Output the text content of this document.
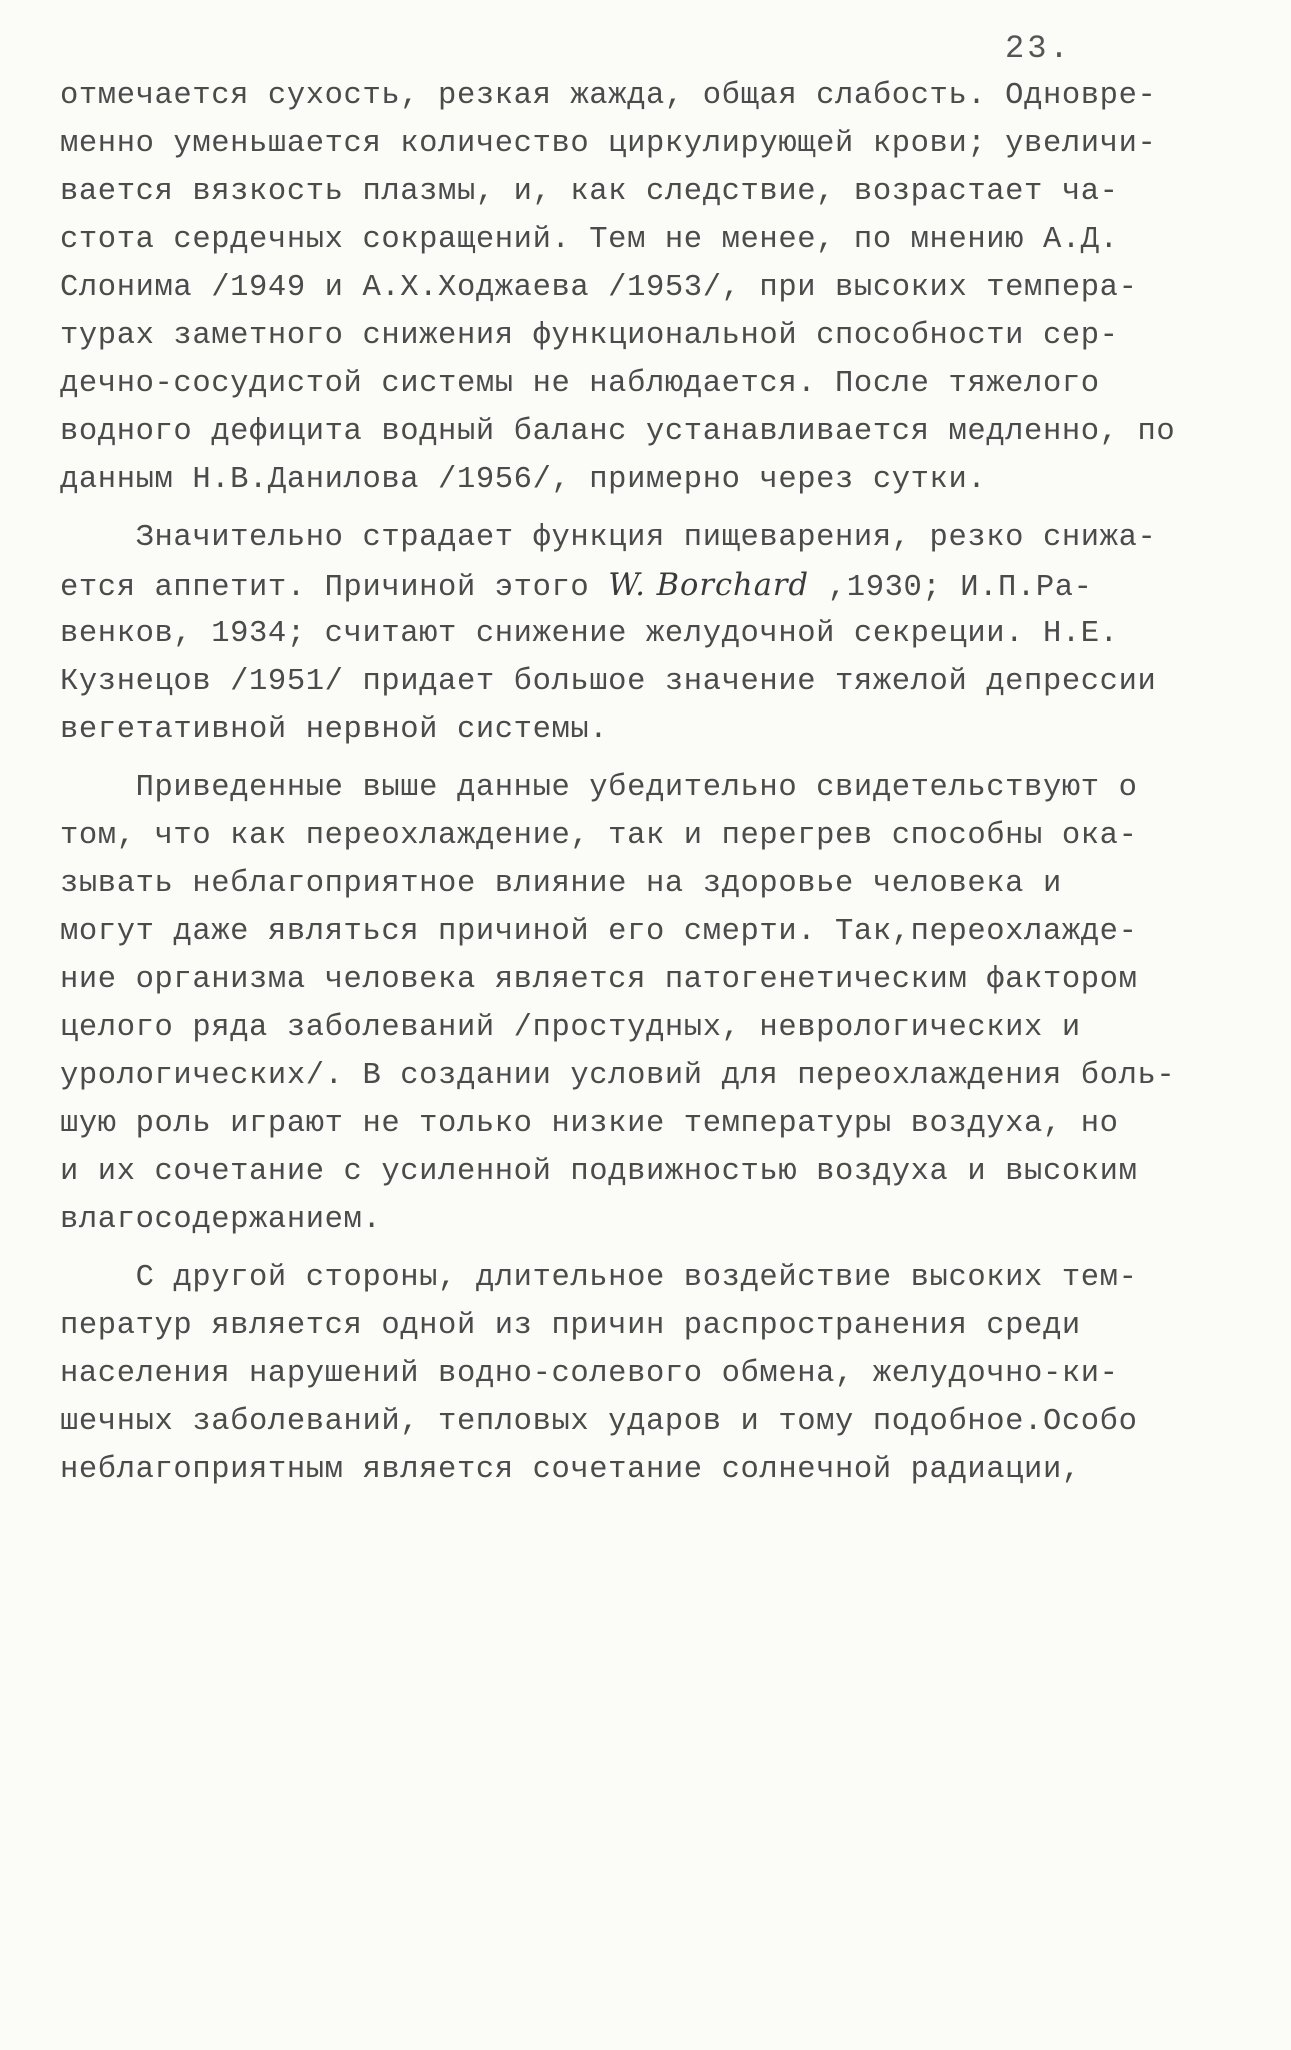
23.
отмечается сухость, резкая жажда, общая слабость. Одновре-
менно уменьшается количество циркулирующей крови; увеличи-
вается вязкость плазмы, и, как следствие, возрастает ча-
стота сердечных сокращений. Тем не менее, по мнению А.Д.
Слонима /1949 и А.Х.Ходжаева /1953/, при высоких темпера-
турах заметного снижения функциональной способности сер-
дечно-сосудистой системы не наблюдается. После тяжелого
водного дефицита водный баланс устанавливается медленно, по
данным Н.В.Данилова /1956/, примерно через сутки.
Значительно страдает функция пищеварения, резко снижа-
ется аппетит. Причиной этого W. Borchard ,1930; И.П.Ра-
венков, 1934; считают снижение желудочной секреции. Н.Е.
Кузнецов /1951/ придает большое значение тяжелой депрессии
вегетативной нервной системы.
Приведенные выше данные убедительно свидетельствуют о
том, что как переохлаждение, так и перегрев способны ока-
зывать неблагоприятное влияние на здоровье человека и
могут даже являться причиной его смерти. Так,переохлажде-
ние организма человека является патогенетическим фактором
целого ряда заболеваний /простудных, неврологических и
урологических/. В создании условий для переохлаждения боль-
шую роль играют не только низкие температуры воздуха, но
и их сочетание с усиленной подвижностью воздуха и высоким
влагосодержанием.
С другой стороны, длительное воздействие высоких тем-
ператур является одной из причин распространения среди
населения нарушений водно-солевого обмена, желудочно-ки-
шечных заболеваний, тепловых ударов и тому подобное.Особо
неблагоприятным является сочетание солнечной радиации,
